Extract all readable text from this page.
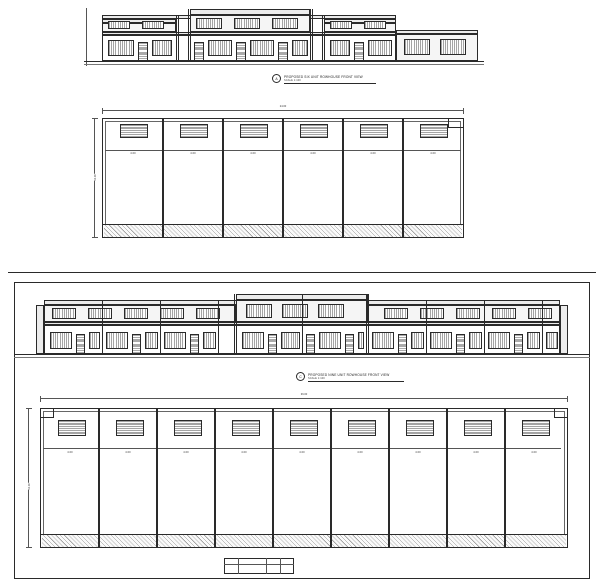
A
PROPOSED SIX UNIT ROWHOUSE FRONT VIEW
SCALE 1:100
24.00
10.00
4.00	4.00	4.00	4.00	4.00	4.00
C
PROPOSED NINE UNIT ROWHOUSE FRONT VIEW
SCALE 1:100
36.00
10.00
4.00	4.00	4.00	4.00	4.00	4.00	4.00	4.00	4.00
